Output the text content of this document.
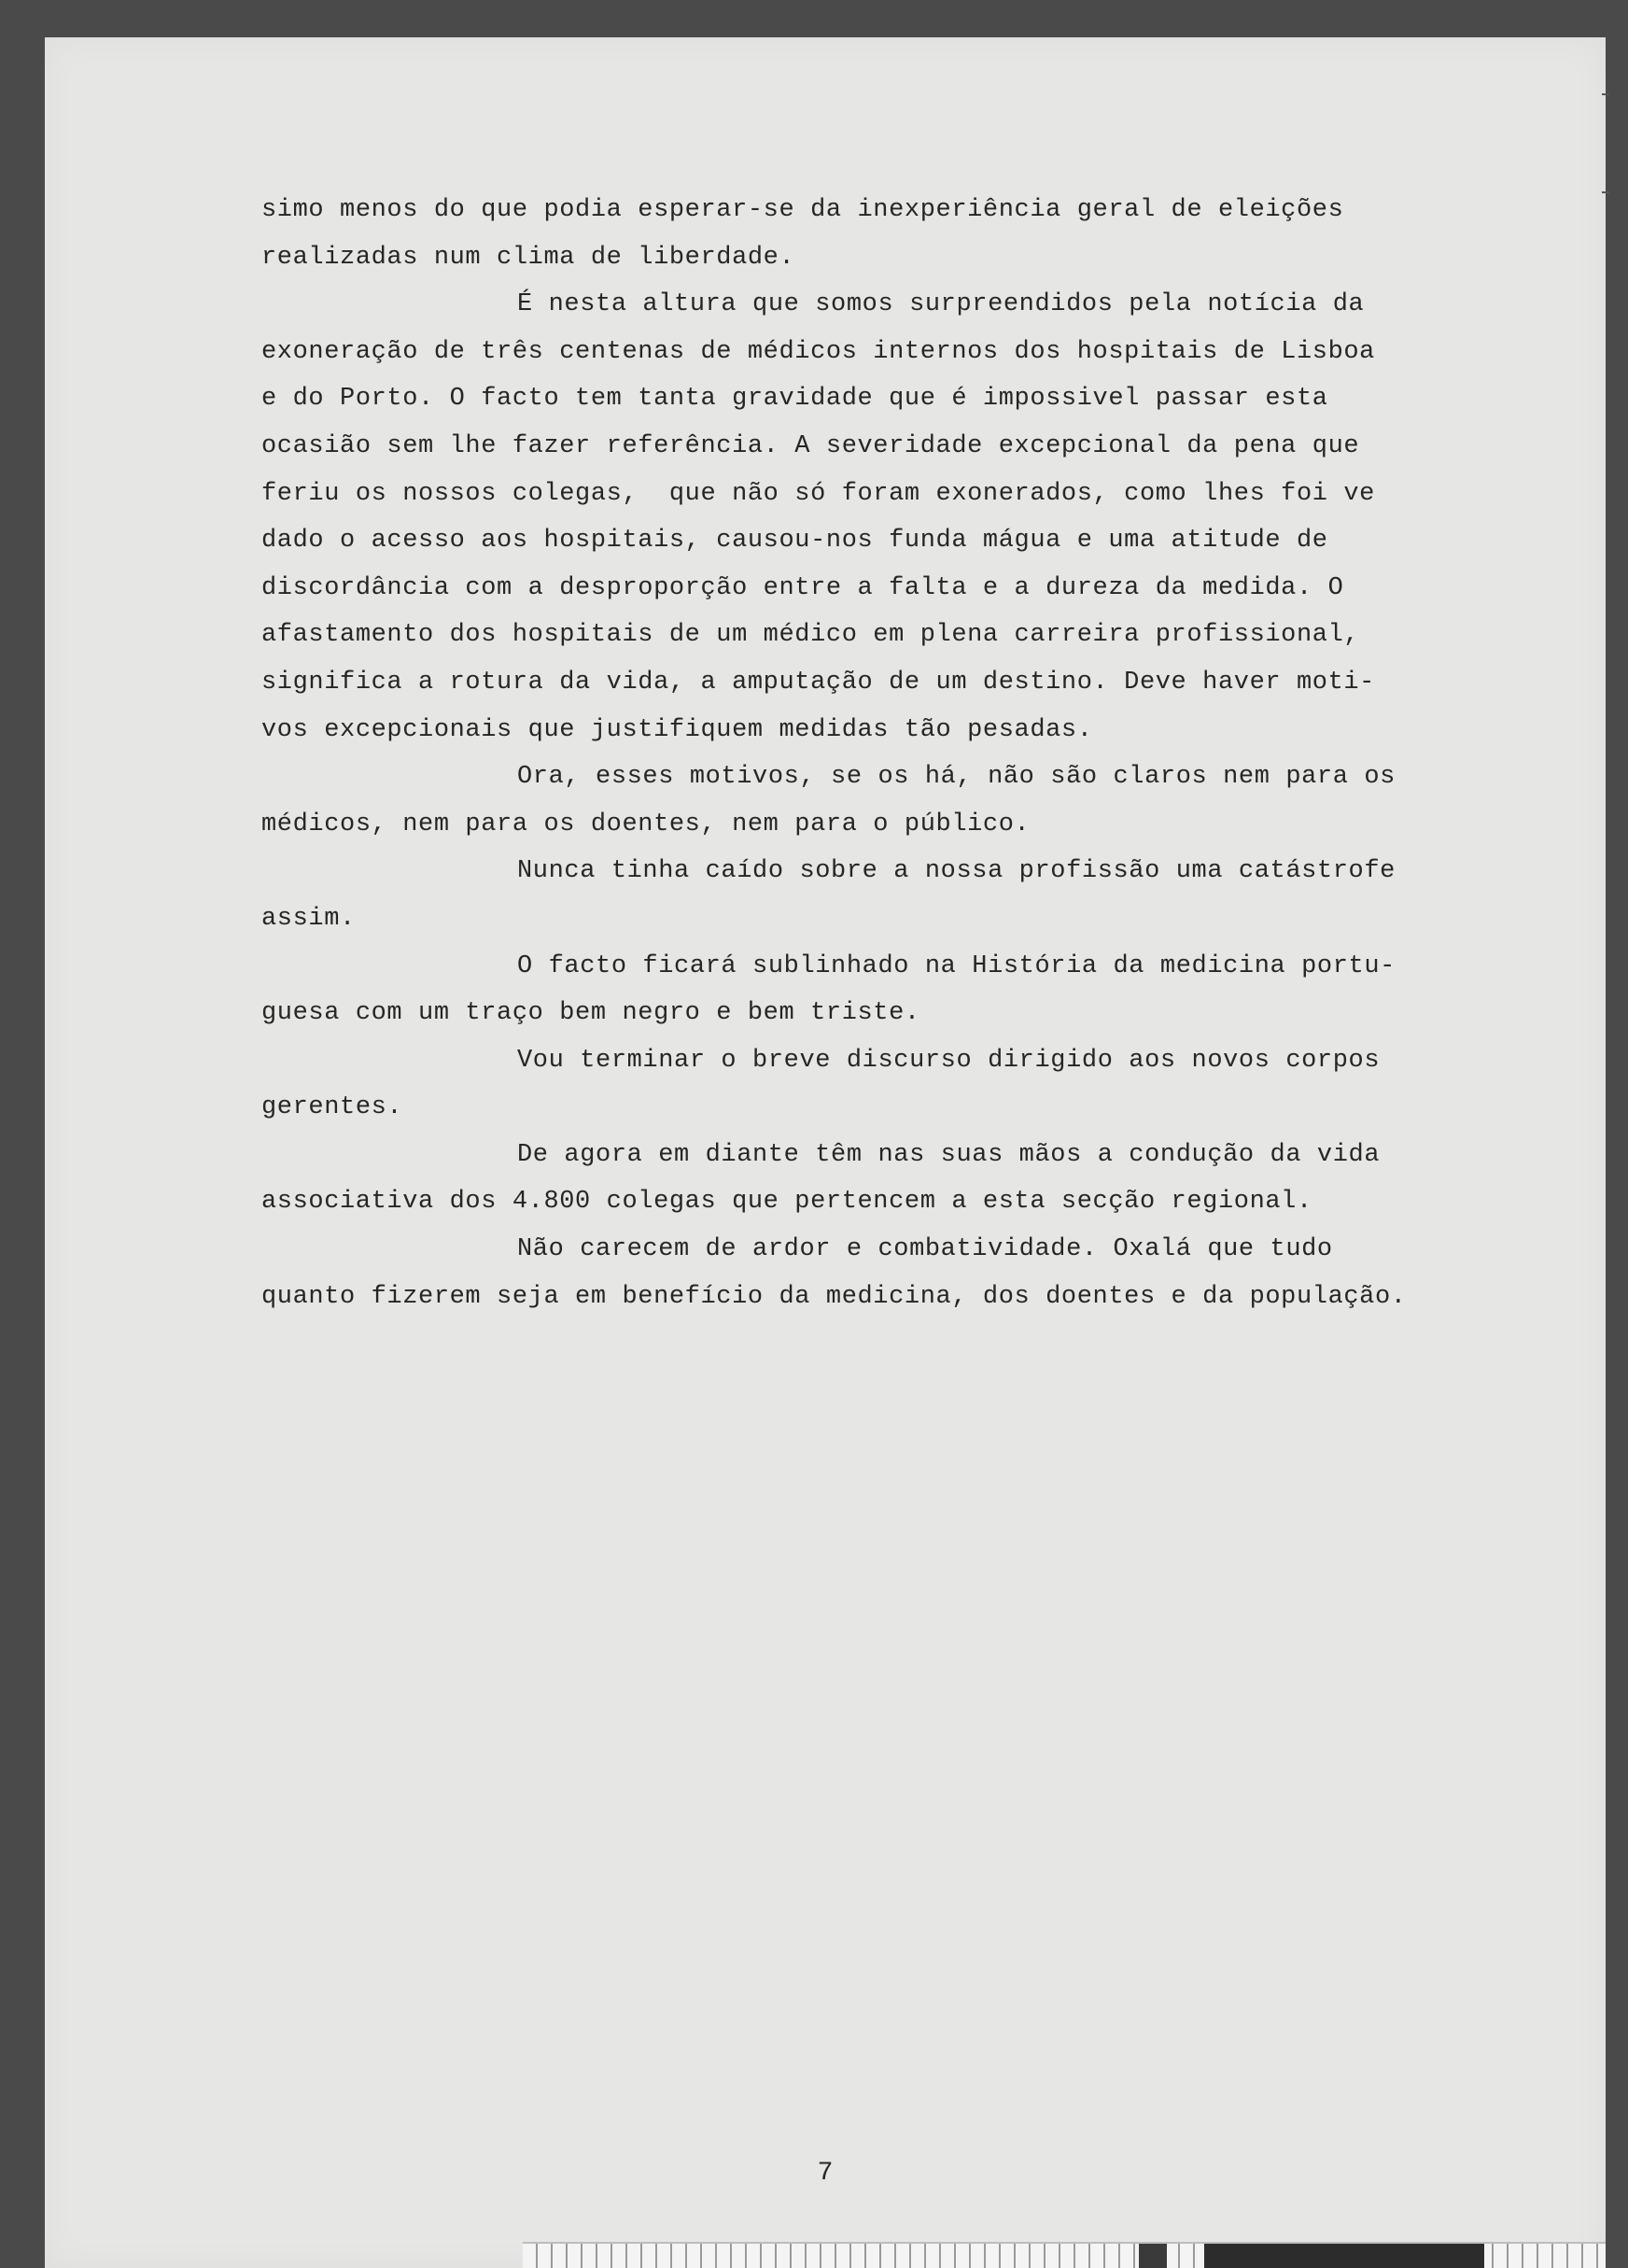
simo menos do que podia esperar-se da inexperiência geral de eleições
realizadas num clima de liberdade.
É nesta altura que somos surpreendidos pela notícia da
exoneração de três centenas de médicos internos dos hospitais de Lisboa
e do Porto. O facto tem tanta gravidade que é impossivel passar esta
ocasião sem lhe fazer referência. A severidade excepcional da pena que
feriu os nossos colegas,  que não só foram exonerados, como lhes foi ve
dado o acesso aos hospitais, causou-nos funda mágua e uma atitude de
discordância com a desproporção entre a falta e a dureza da medida. O
afastamento dos hospitais de um médico em plena carreira profissional,
significa a rotura da vida, a amputação de um destino. Deve haver moti-
vos excepcionais que justifiquem medidas tão pesadas.
Ora, esses motivos, se os há, não são claros nem para os
médicos, nem para os doentes, nem para o público.
Nunca tinha caído sobre a nossa profissão uma catástrofe
assim.
O facto ficará sublinhado na História da medicina portu-
guesa com um traço bem negro e bem triste.
Vou terminar o breve discurso dirigido aos novos corpos
gerentes.
De agora em diante têm nas suas mãos a condução da vida
associativa dos 4.800 colegas que pertencem a esta secção regional.
Não carecem de ardor e combatividade. Oxalá que tudo
quanto fizerem seja em benefício da medicina, dos doentes e da população.
7
